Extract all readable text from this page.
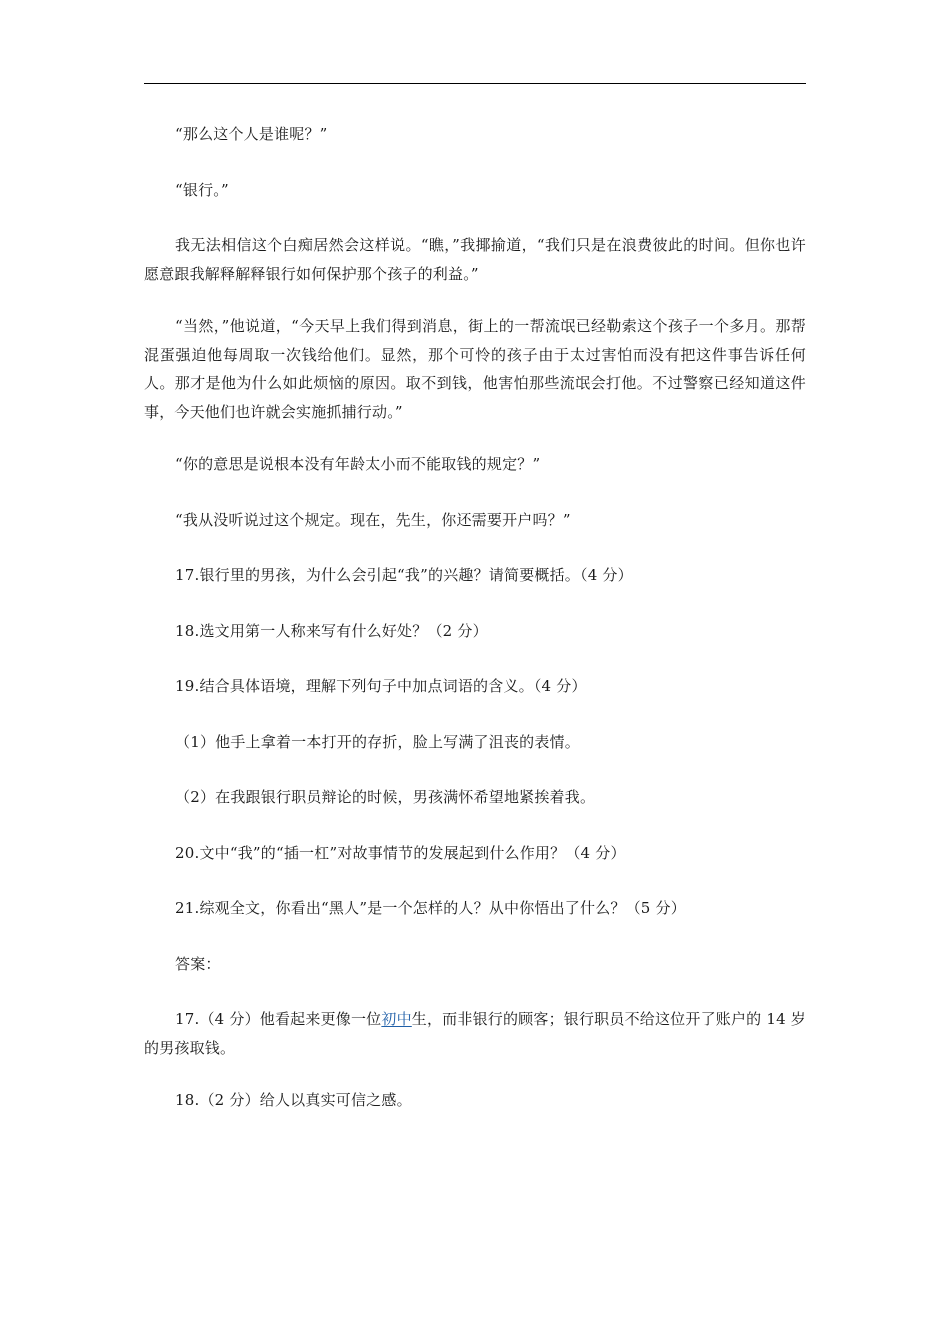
“那么这个人是谁呢？”

“银行。”

我无法相信这个白痴居然会这样说。“瞧，”我揶揄道，“我们只是在浪费彼此的时间。但你也许愿意跟我解释解释银行如何保护那个孩子的利益。”

“当然，”他说道，“今天早上我们得到消息，街上的一帮流氓已经勒索这个孩子一个多月。那帮混蛋强迫他每周取一次钱给他们。显然，那个可怜的孩子由于太过害怕而没有把这件事告诉任何人。那才是他为什么如此烦恼的原因。取不到钱，他害怕那些流氓会打他。不过警察已经知道这件事，今天他们也许就会实施抓捕行动。”

“你的意思是说根本没有年龄太小而不能取钱的规定？”

“我从没听说过这个规定。现在，先生，你还需要开户吗？”

17.银行里的男孩，为什么会引起“我”的兴趣？请简要概括。（4 分）

18.选文用第一人称来写有什么好处？（2 分）

19.结合具体语境，理解下列句子中加点词语的含义。（4 分）

（1）他手上拿着一本打开的存折，脸上写满了沮丧的表情。

（2）在我跟银行职员辩论的时候，男孩满怀希望地紧挨着我。

20.文中“我”的“插一杠”对故事情节的发展起到什么作用？（4 分）

21.综观全文，你看出“黑人”是一个怎样的人？从中你悟出了什么？（5 分）

答案：

17.（4 分）他看起来更像一位初中生，而非银行的顾客；银行职员不给这位开了账户的 14 岁的男孩取钱。

18.（2 分）给人以真实可信之感。
